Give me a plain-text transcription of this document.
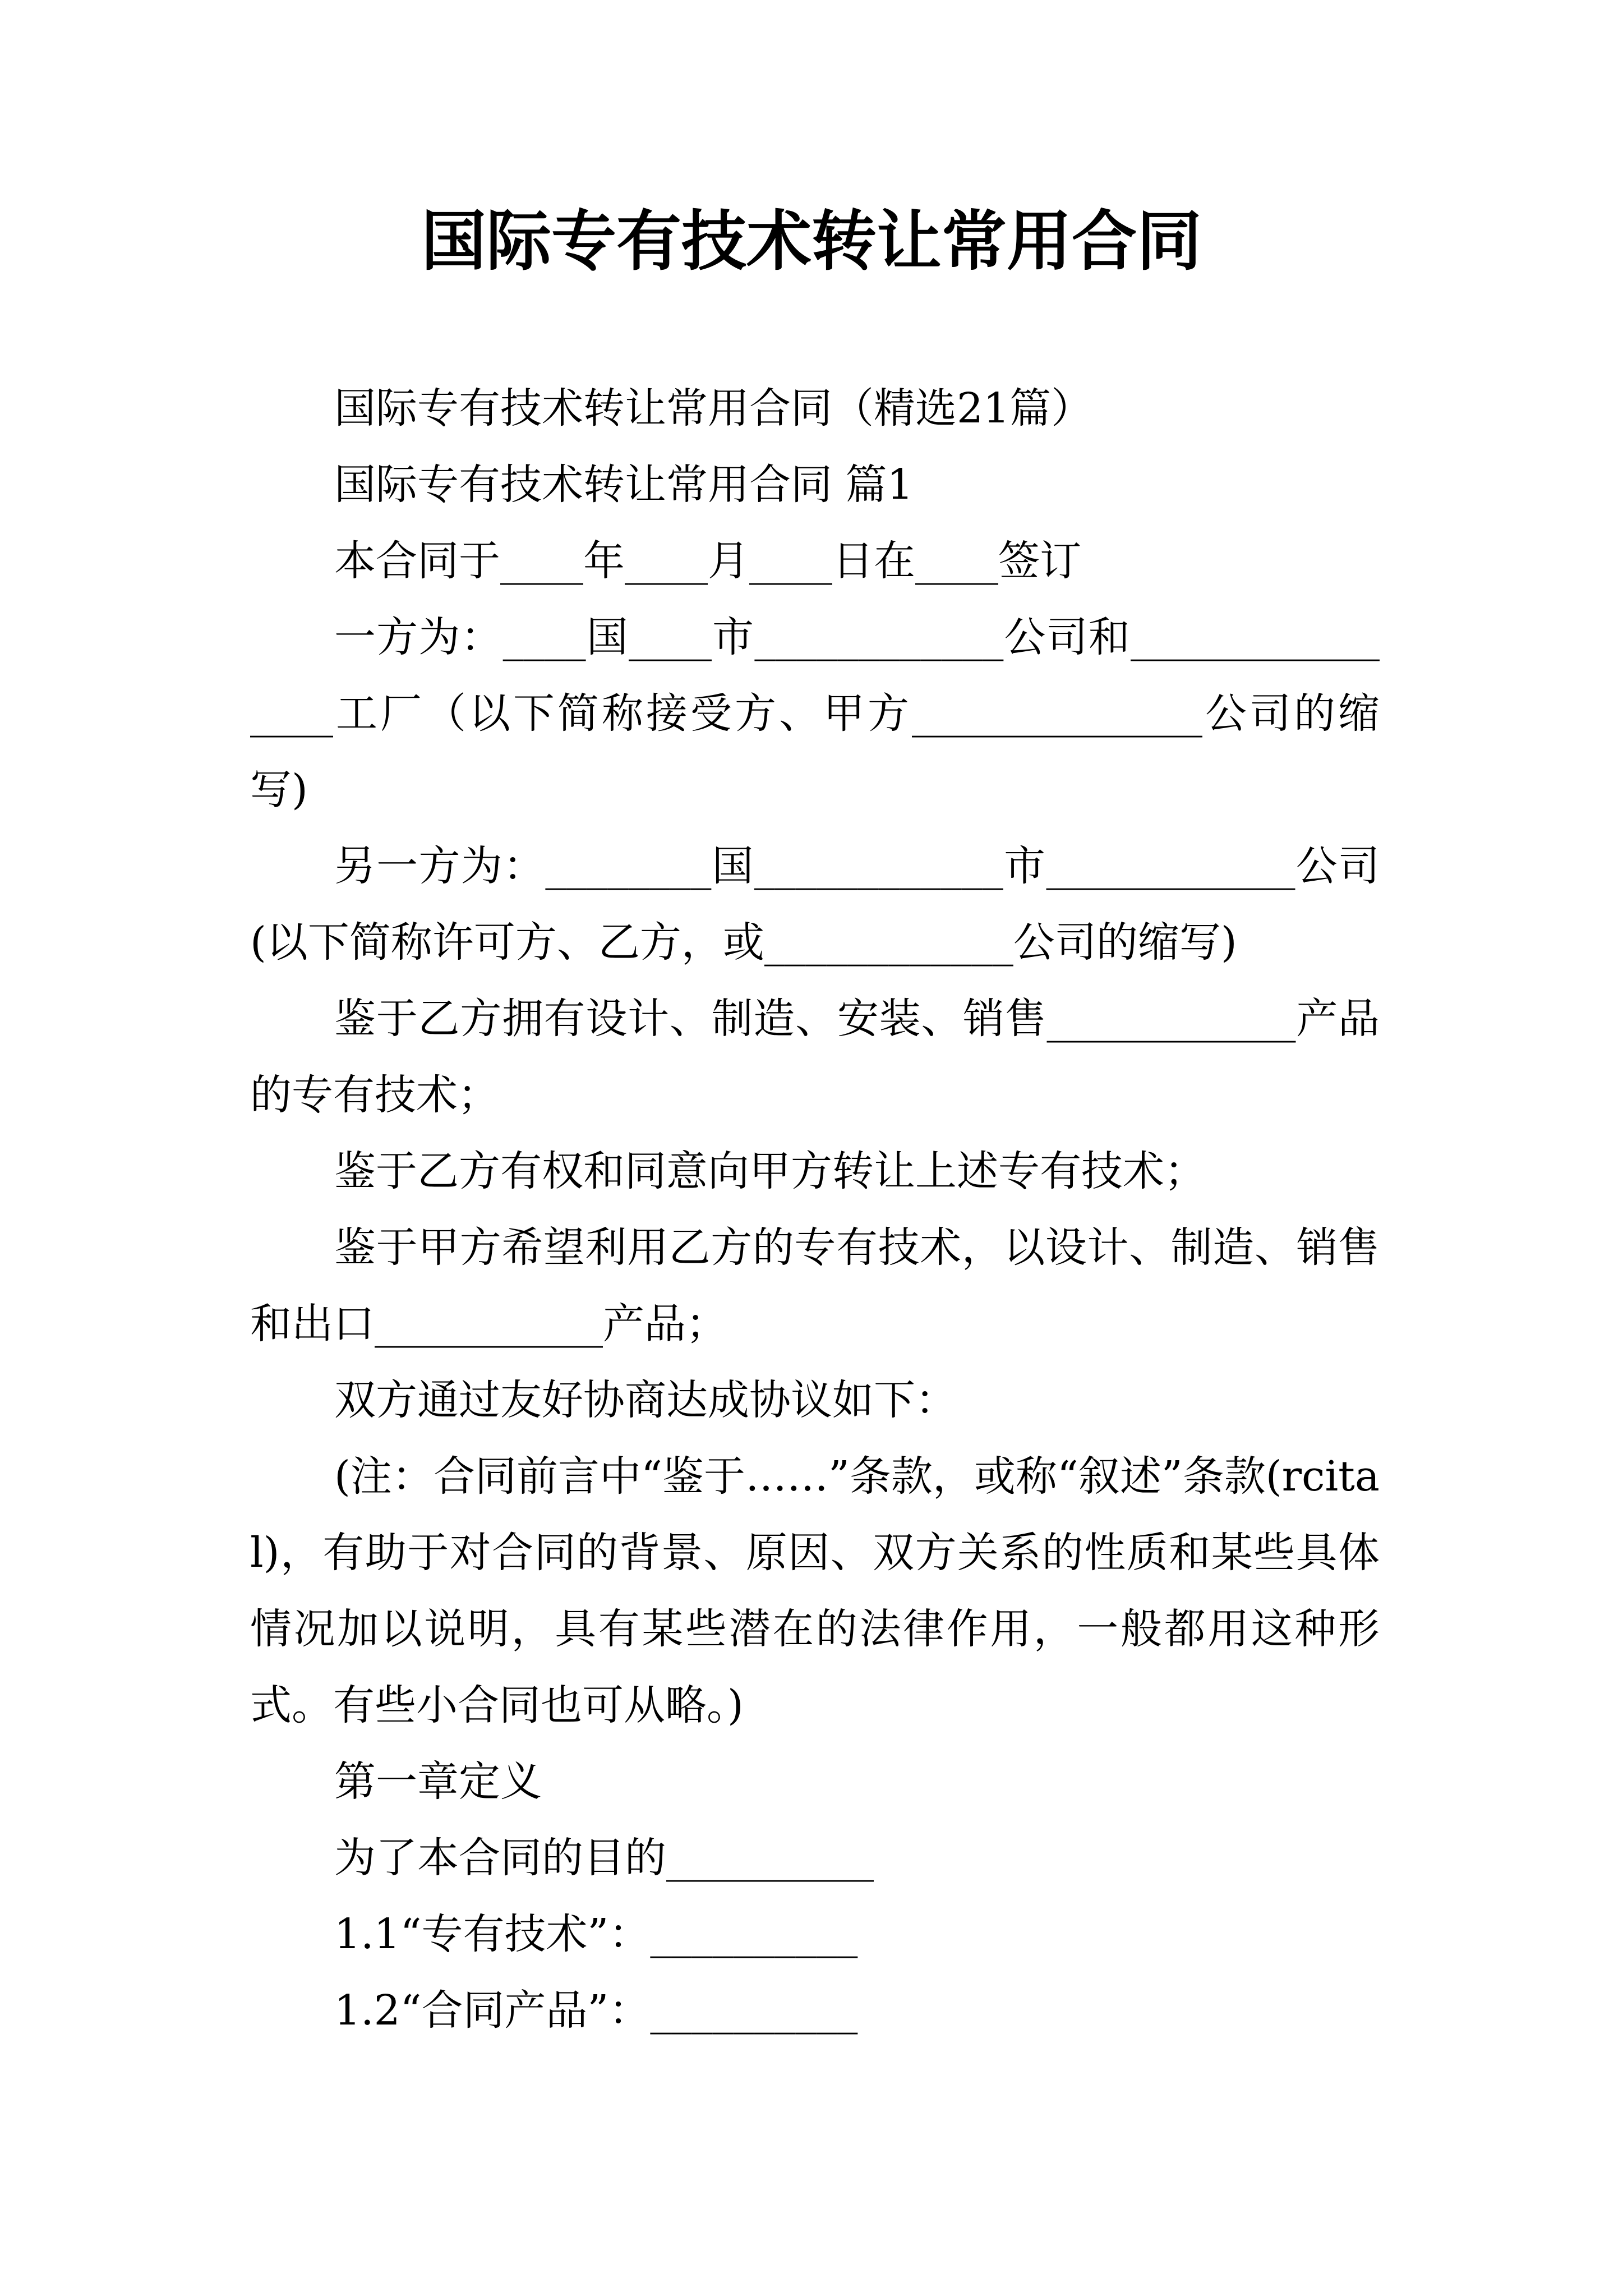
国际专有技术转让常用合同

国际专有技术转让常用合同（精选21篇）

国际专有技术转让常用合同 篇1

本合同于____年____月____日在____签订

一方为：____国____市____________公司和________________工厂（以下简称接受方、甲方______________公司的缩写)

另一方为：________国____________市____________公司(以下简称许可方、乙方，或____________公司的缩写)

鉴于乙方拥有设计、制造、安装、销售____________产品的专有技术；

鉴于乙方有权和同意向甲方转让上述专有技术；

鉴于甲方希望利用乙方的专有技术，以设计、制造、销售和出口___________产品；

双方通过友好协商达成协议如下：

(注：合同前言中“鉴于……”条款，或称“叙述”条款(rcital)，有助于对合同的背景、原因、双方关系的性质和某些具体情况加以说明，具有某些潜在的法律作用，一般都用这种形式。有些小合同也可从略。)

第一章定义

为了本合同的目的__________

1.1“专有技术”：__________

1.2“合同产品”：__________
